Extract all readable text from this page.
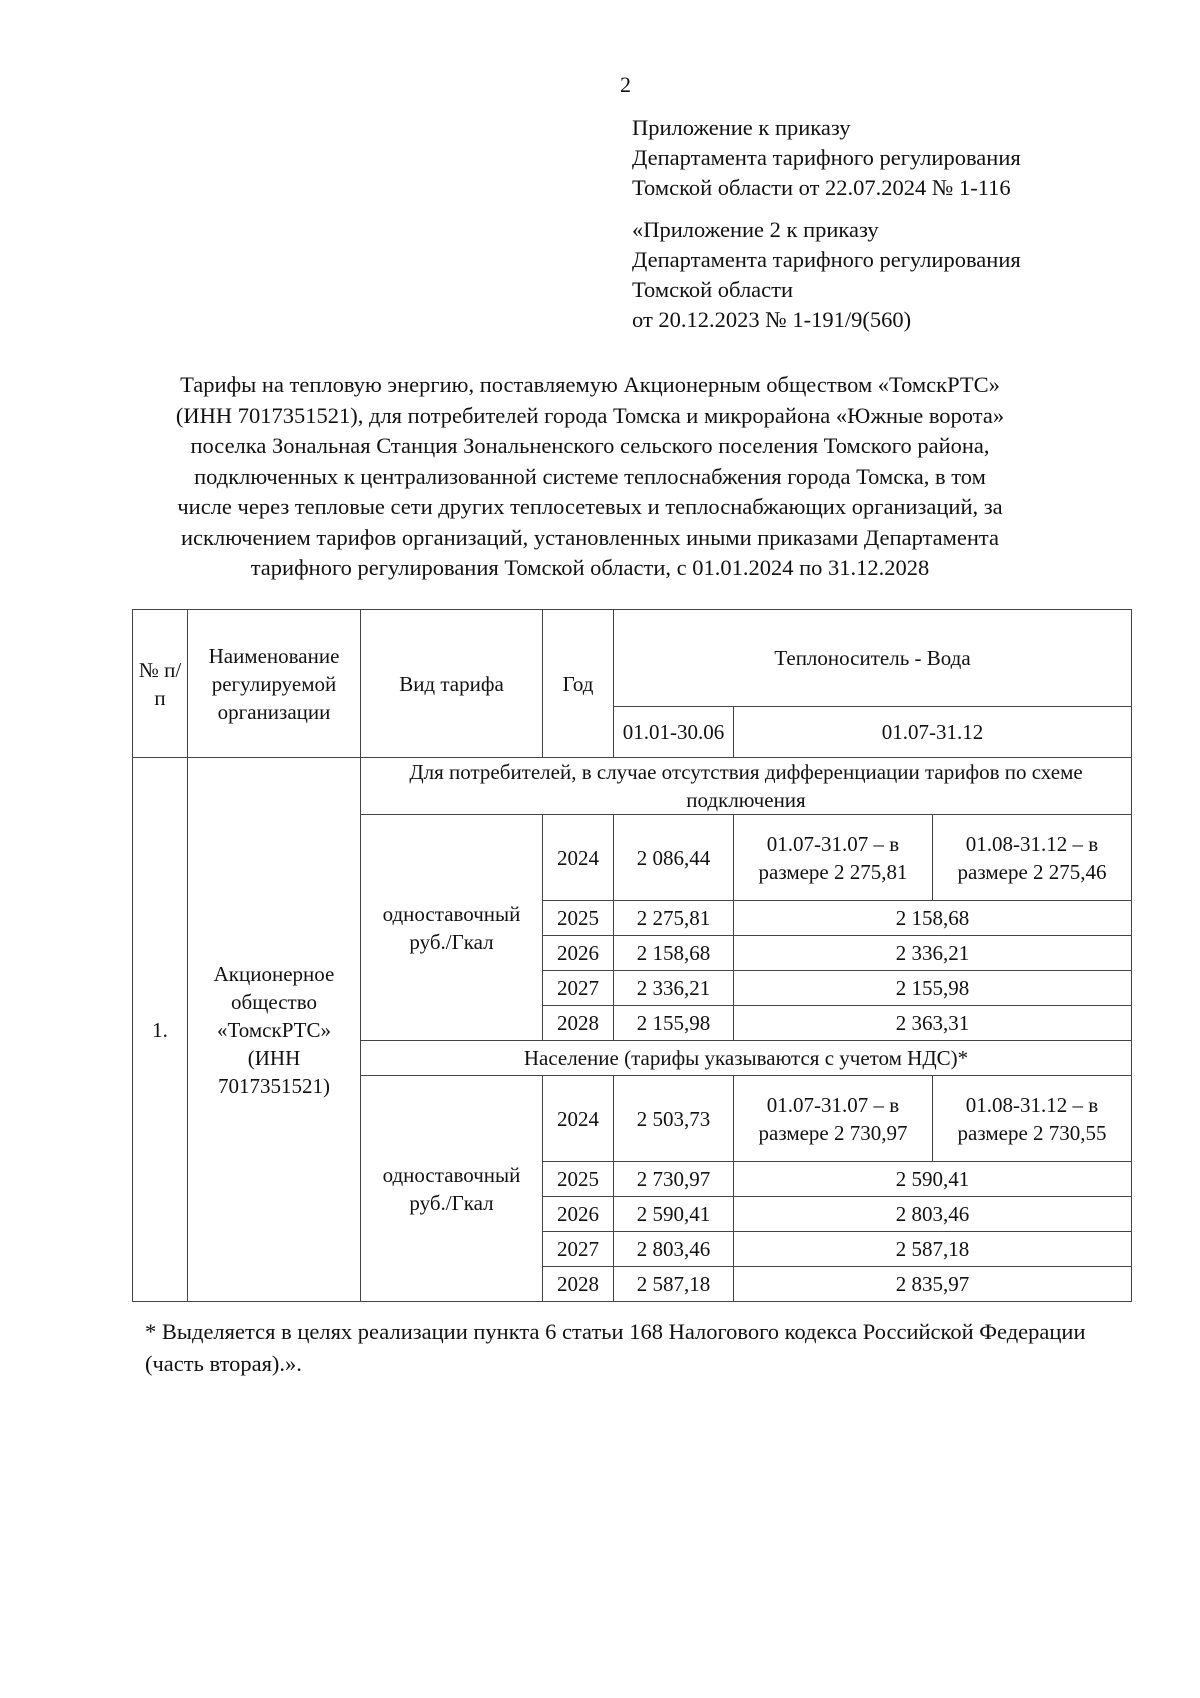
2
Приложение к приказу
Департамента тарифного регулирования
Томской области от 22.07.2024 № 1-116
«Приложение 2 к приказу
Департамента тарифного регулирования
Томской области
от 20.12.2023 № 1-191/9(560)
Тарифы на тепловую энергию, поставляемую Акционерным обществом «ТомскРТС»
(ИНН 7017351521), для потребителей города Томска и микрорайона «Южные ворота»
поселка Зональная Станция Зональненского сельского поселения Томского района,
подключенных к централизованной системе теплоснабжения города Томска, в том
числе через тепловые сети других теплосетевых и теплоснабжающих организаций, за
исключением тарифов организаций, установленных иными приказами Департамента
тарифного регулирования Томской области, с 01.01.2024 по 31.12.2028
№ п/п	Наименование регулируемой организации	Вид тарифа	Год	Теплоноситель - Вода		
				01.01-30.06	01.07-31.12	
1.	Акционерное общество «ТомскРТС» (ИНН 7017351521)	Для потребителей, в случае отсутствия дифференциации тарифов по схеме подключения				
		одноставочный руб./Гкал	2024	2 086,44	01.07-31.07 – в размере 2 275,81	01.08-31.12 – в размере 2 275,46
			2025	2 275,81	2 158,68	
			2026	2 158,68	2 336,21	
			2027	2 336,21	2 155,98	
			2028	2 155,98	2 363,31	
		Население (тарифы указываются с учетом НДС)*				
		одноставочный руб./Гкал	2024	2 503,73	01.07-31.07 – в размере 2 730,97	01.08-31.12 – в размере 2 730,55
			2025	2 730,97	2 590,41	
			2026	2 590,41	2 803,46	
			2027	2 803,46	2 587,18	
			2028	2 587,18	2 835,97	
* Выделяется в целях реализации пункта 6 статьи 168 Налогового кодекса Российской Федерации (часть вторая).».
